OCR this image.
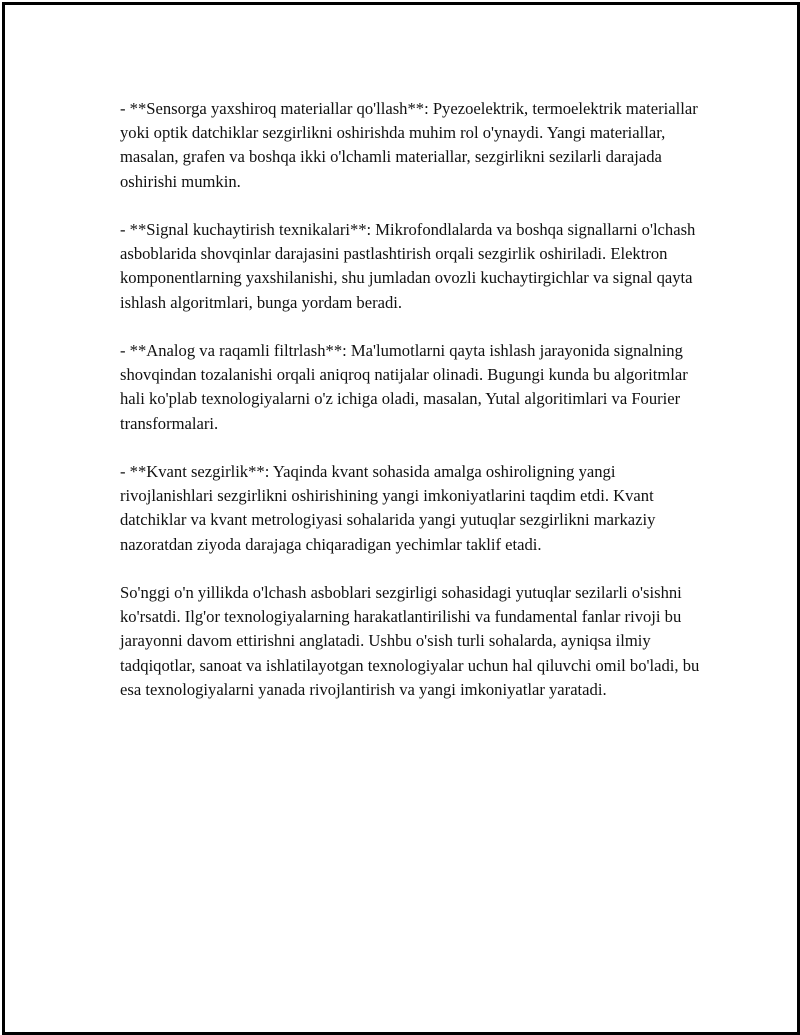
- **Sensorga yaxshiroq materiallar qo'llash**: Pyezoelektrik, termoelektrik materiallar yoki optik datchiklar sezgirlikni oshirishda muhim rol o'ynaydi. Yangi materiallar, masalan, grafen va boshqa ikki o'lchamli materiallar, sezgirlikni sezilarli darajada oshirishi mumkin.

- **Signal kuchaytirish texnikalari**: Mikrofondlalarda va boshqa signallarni o'lchash asboblarida shovqinlar darajasini pastlashtirish orqali sezgirlik oshiriladi. Elektron komponentlarning yaxshilanishi, shu jumladan ovozli kuchaytirgichlar va signal qayta ishlash algoritmlari, bunga yordam beradi.

- **Analog va raqamli filtrlash**: Ma'lumotlarni qayta ishlash jarayonida signalning shovqindan tozalanishi orqali aniqroq natijalar olinadi. Bugungi kunda bu algoritmlar hali ko'plab texnologiyalarni o'z ichiga oladi, masalan, Yutal algoritimlari va Fourier transformalari.

- **Kvant sezgirlik**: Yaqinda kvant sohasida amalga oshiroligning yangi rivojlanishlari sezgirlikni oshirishining yangi imkoniyatlarini taqdim etdi. Kvant datchiklar va kvant metrologiyasi sohalarida yangi yutuqlar sezgirlikni markaziy nazoratdan ziyoda darajaga chiqaradigan yechimlar taklif etadi.

So'nggi o'n yillikda o'lchash asboblari sezgirligi sohasidagi yutuqlar sezilarli o'sishni ko'rsatdi. Ilg'or texnologiyalarning harakatlantirilishi va fundamental fanlar rivoji bu jarayonni davom ettirishni anglatadi. Ushbu o'sish turli sohalarda, ayniqsa ilmiy tadqiqotlar, sanoat va ishlatilayotgan texnologiyalar uchun hal qiluvchi omil bo'ladi, bu esa texnologiyalarni yanada rivojlantirish va yangi imkoniyatlar yaratadi.
